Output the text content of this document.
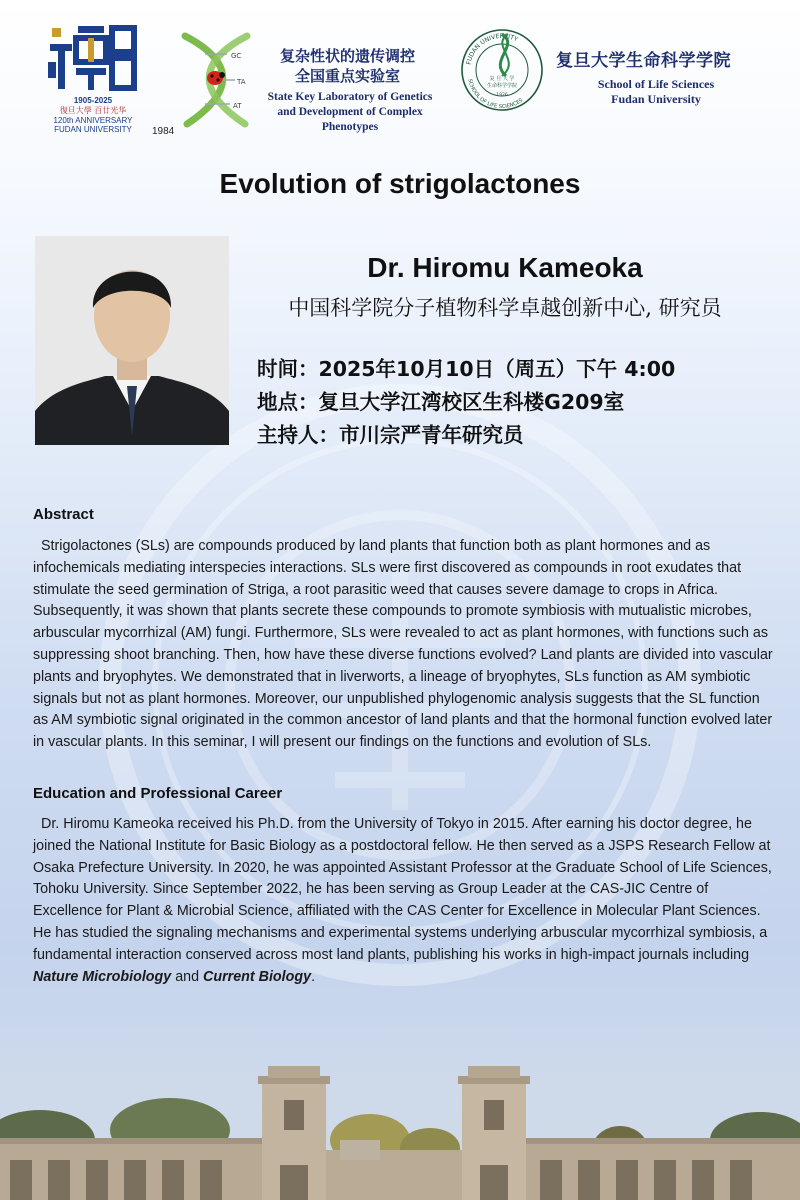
1905-2025
復旦大學 百廿光华
120th ANNIVERSARY
FUDAN UNIVERSITY
GC
TA
AT
1984
复杂性状的遗传调控
全国重点实验室
State Key Laboratory of Genetics
and Development of Complex
Phenotypes
FUDAN UNIVERSITY
SCHOOL OF LIFE SCIENCES
复 旦 大 学
生命科学学院
1926
复旦大学生命科学学院
School of Life Sciences
Fudan University
Evolution of strigolactones
Dr. Hiromu Kameoka
中国科学院分子植物科学卓越创新中心, 研究员
时间：2025年10月10日（周五）下午 4:00
地点：复旦大学江湾校区生科楼G209室
主持人：市川宗严青年研究员
Abstract

Strigolactones (SLs) are compounds produced by land plants that function both as plant hormones and as infochemicals mediating interspecies interactions. SLs were first discovered as compounds in root exudates that stimulate the seed germination of Striga, a root parasitic weed that causes severe damage to crops in Africa. Subsequently, it was shown that plants secrete these compounds to promote symbiosis with mutualistic microbes, arbuscular mycorrhizal (AM) fungi. Furthermore, SLs were revealed to act as plant hormones, with functions such as suppressing shoot branching. Then, how have these diverse functions evolved? Land plants are divided into vascular plants and bryophytes. We demonstrated that in liverworts, a lineage of bryophytes, SLs function as AM symbiotic signals but not as plant hormones. Moreover, our unpublished phylogenomic analysis suggests that the SL function as AM symbiotic signal originated in the common ancestor of land plants and that the hormonal function evolved later in vascular plants. In this seminar, I will present our findings on the functions and evolution of SLs.

Education and Professional Career

Dr. Hiromu Kameoka received his Ph.D. from the University of Tokyo in 2015. After earning his doctor degree, he joined the National Institute for Basic Biology as a postdoctoral fellow. He then served as a JSPS Research Fellow at Osaka Prefecture University. In 2020, he was appointed Assistant Professor at the Graduate School of Life Sciences, Tohoku University. Since September 2022, he has been serving as Group Leader at the CAS-JIC Centre of Excellence for Plant & Microbial Science, affiliated with the CAS Center for Excellence in Molecular Plant Sciences. He has studied the signaling mechanisms and experimental systems underlying arbuscular mycorrhizal symbiosis, a fundamental interaction conserved across most land plants, publishing his works in high-impact journals including Nature Microbiology and Current Biology.
